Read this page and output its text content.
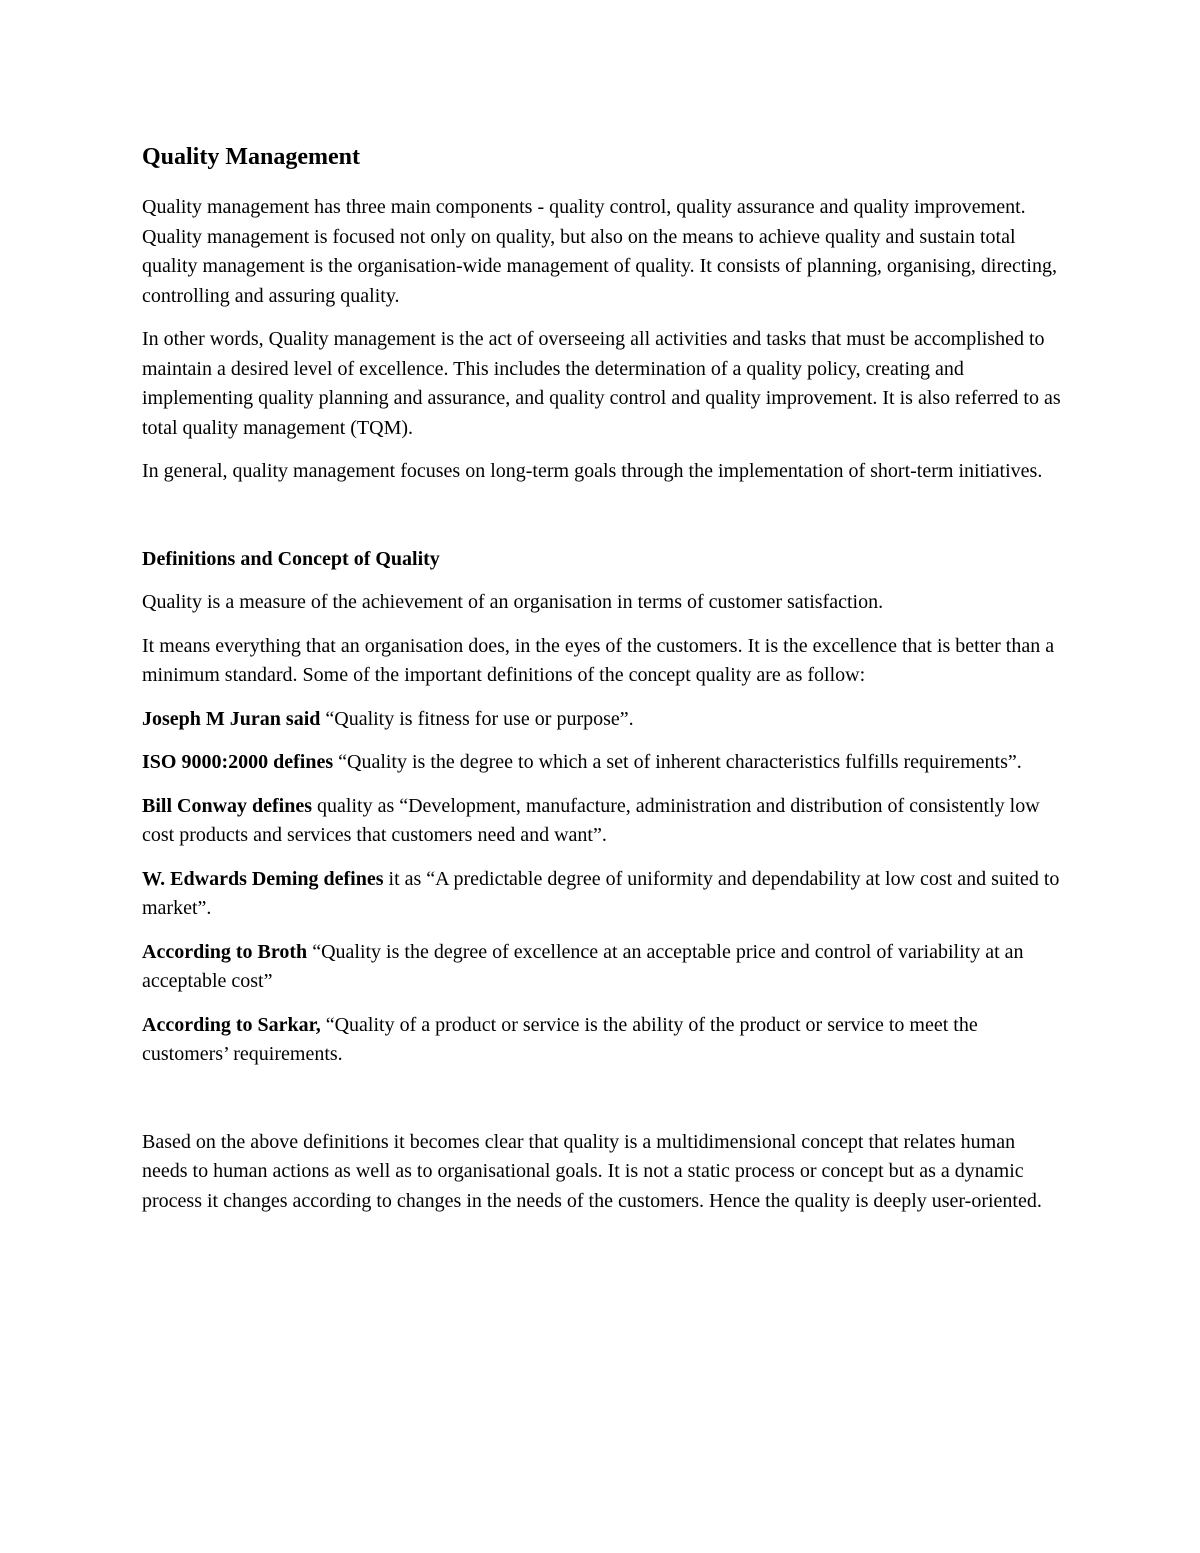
Quality Management

Quality management has three main components - quality control, quality assurance and quality improvement. Quality management is focused not only on quality, but also on the means to achieve quality and sustain total quality management is the organisation-wide management of quality. It consists of planning, organising, directing, controlling and assuring quality.

In other words, Quality management is the act of overseeing all activities and tasks that must be accomplished to maintain a desired level of excellence. This includes the determination of a quality policy, creating and implementing quality planning and assurance, and quality control and quality improvement. It is also referred to as total quality management (TQM).

In general, quality management focuses on long-term goals through the implementation of short-term initiatives.

Definitions and Concept of Quality

Quality is a measure of the achievement of an organisation in terms of customer satisfaction.

It means everything that an organisation does, in the eyes of the customers. It is the excellence that is better than a minimum standard. Some of the important definitions of the concept quality are as follow:

Joseph M Juran said “Quality is fitness for use or purpose”.

ISO 9000:2000 defines “Quality is the degree to which a set of inherent characteristics fulfills requirements”.

Bill Conway defines quality as “Development, manufacture, administration and distribution of consistently low cost products and services that customers need and want”.

W. Edwards Deming defines it as “A predictable degree of uniformity and dependability at low cost and suited to market”.

According to Broth “Quality is the degree of excellence at an acceptable price and control of variability at an acceptable cost”

According to Sarkar, “Quality of a product or service is the ability of the product or service to meet the customers’ requirements.

Based on the above definitions it becomes clear that quality is a multidimensional concept that relates human needs to human actions as well as to organisational goals. It is not a static process or concept but as a dynamic process it changes according to changes in the needs of the customers. Hence the quality is deeply user-oriented.
